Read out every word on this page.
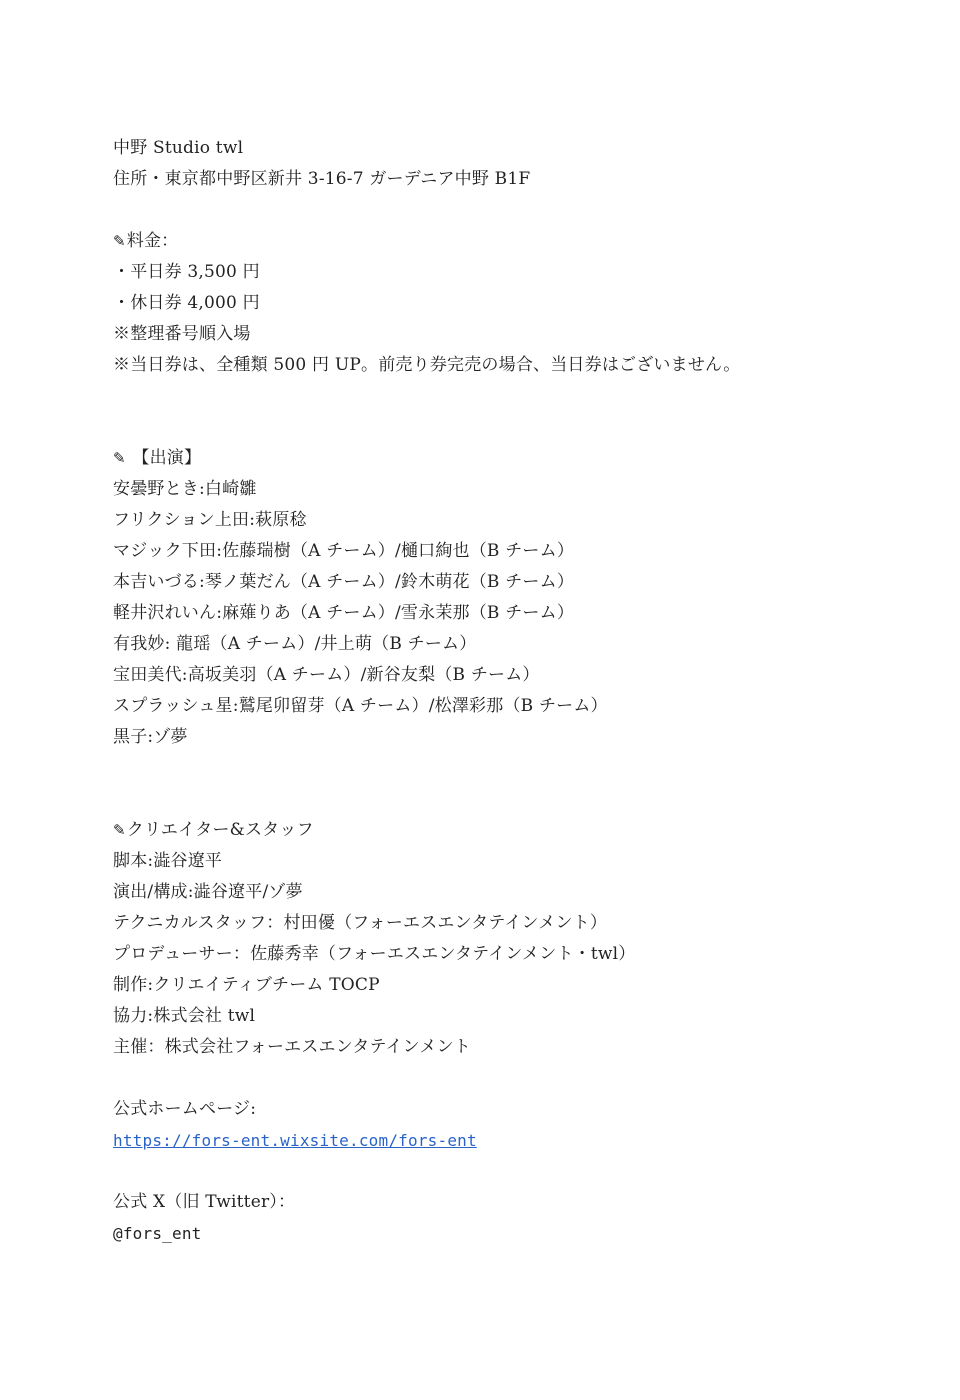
中野 Studio twl
住所・東京都中野区新井 3-16-7 ガーデニア中野 B1F
✎料金：
・平日券 3,500 円
・休日券 4,000 円
※整理番号順入場
※当日券は、全種類 500 円 UP。前売り券完売の場合、当日券はございません。
✎ 【出演】
安曇野とき:白崎雛
フリクション上田:萩原稔
マジック下田:佐藤瑞樹（A チーム）/樋口絢也（B チーム）
本吉いづる:琴ノ葉だん（A チーム）/鈴木萌花（B チーム）
軽井沢れいん:麻薙りあ（A チーム）/雪永茉那（B チーム）
有我妙: 龍瑶（A チーム）/井上萌（B チーム）
宝田美代:高坂美羽（A チーム）/新谷友梨（B チーム）
スプラッシュ星:鷲尾卯留芽（A チーム）/松澤彩那（B チーム）
黒子:ゾ夢
✎クリエイター&スタッフ
脚本:澁谷遼平
演出/構成:澁谷遼平/ゾ夢
テクニカルスタッフ：村田優（フォーエスエンタテインメント）
プロデューサー：佐藤秀幸（フォーエスエンタテインメント・twl）
制作:クリエイティブチーム TOCP
協力:株式会社 twl
主催：株式会社フォーエスエンタテインメント
公式ホームページ:
https://fors-ent.wixsite.com/fors-ent
公式 X（旧 Twitter）：
@fors_ent
